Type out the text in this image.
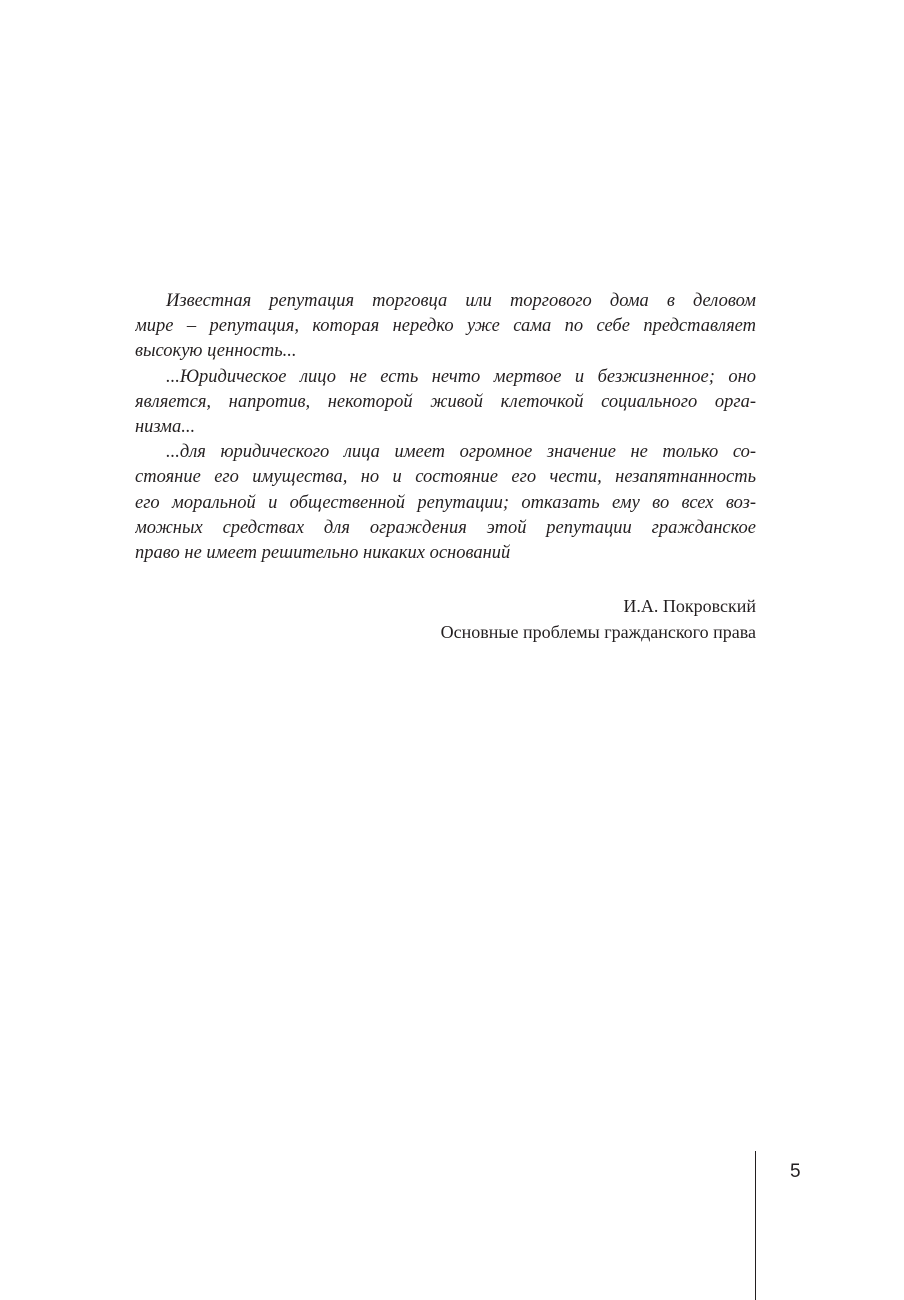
Известная репутация торговца или торгового дома в деловом
мире – репутация, которая нередко уже сама по себе представляет
высокую ценность...
...Юридическое лицо не есть нечто мертвое и безжизненное; оно
является, напротив, некоторой живой клеточкой социального орга-
низма...
...для юридического лица имеет огромное значение не только со-
стояние его имущества, но и состояние его чести, незапятнанность
его моральной и общественной репутации; отказать ему во всех воз-
можных средствах для ограждения этой репутации гражданское
право не имеет решительно никаких оснований
И.А. Покровский
Основные проблемы гражданского права
5
